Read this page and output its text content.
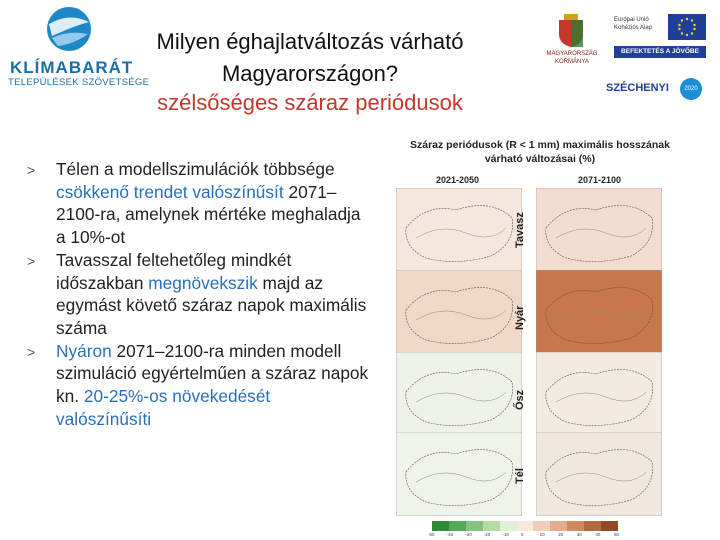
KLÍMABARÁT
TELEPÜLÉSEK SZÖVETSÉGE
Milyen éghajlatváltozás várható Magyarországon?
szélsőséges száraz periódusok
MAGYARORSZÁG KORMÁNYA
Európai Unió Kohéziós Alap
BEFEKTETÉS A JÖVŐBE
SZÉCHENYI	2020
> Télen a modellszimulációk többsége csökkenő trendet valószínűsít 2071–2100-ra, amelynek mértéke meghaladja a 10%-ot
> Tavasszal feltehetőleg mindkét időszakban megnövekszik majd az egymást követő száraz napok maximális száma
> Nyáron 2071–2100-ra minden modell szimuláció egyértelműen a száraz napok kn. 20-25%-os növekedését valószínűsíti
Száraz periódusok (R < 1 mm) maximális hosszának várható változásai (%)
2021-2050	2071-2100
Tavasz
Nyár
Ősz
Tél
-50	-40	-30	-20	-10	0	10	20	30	40	50
